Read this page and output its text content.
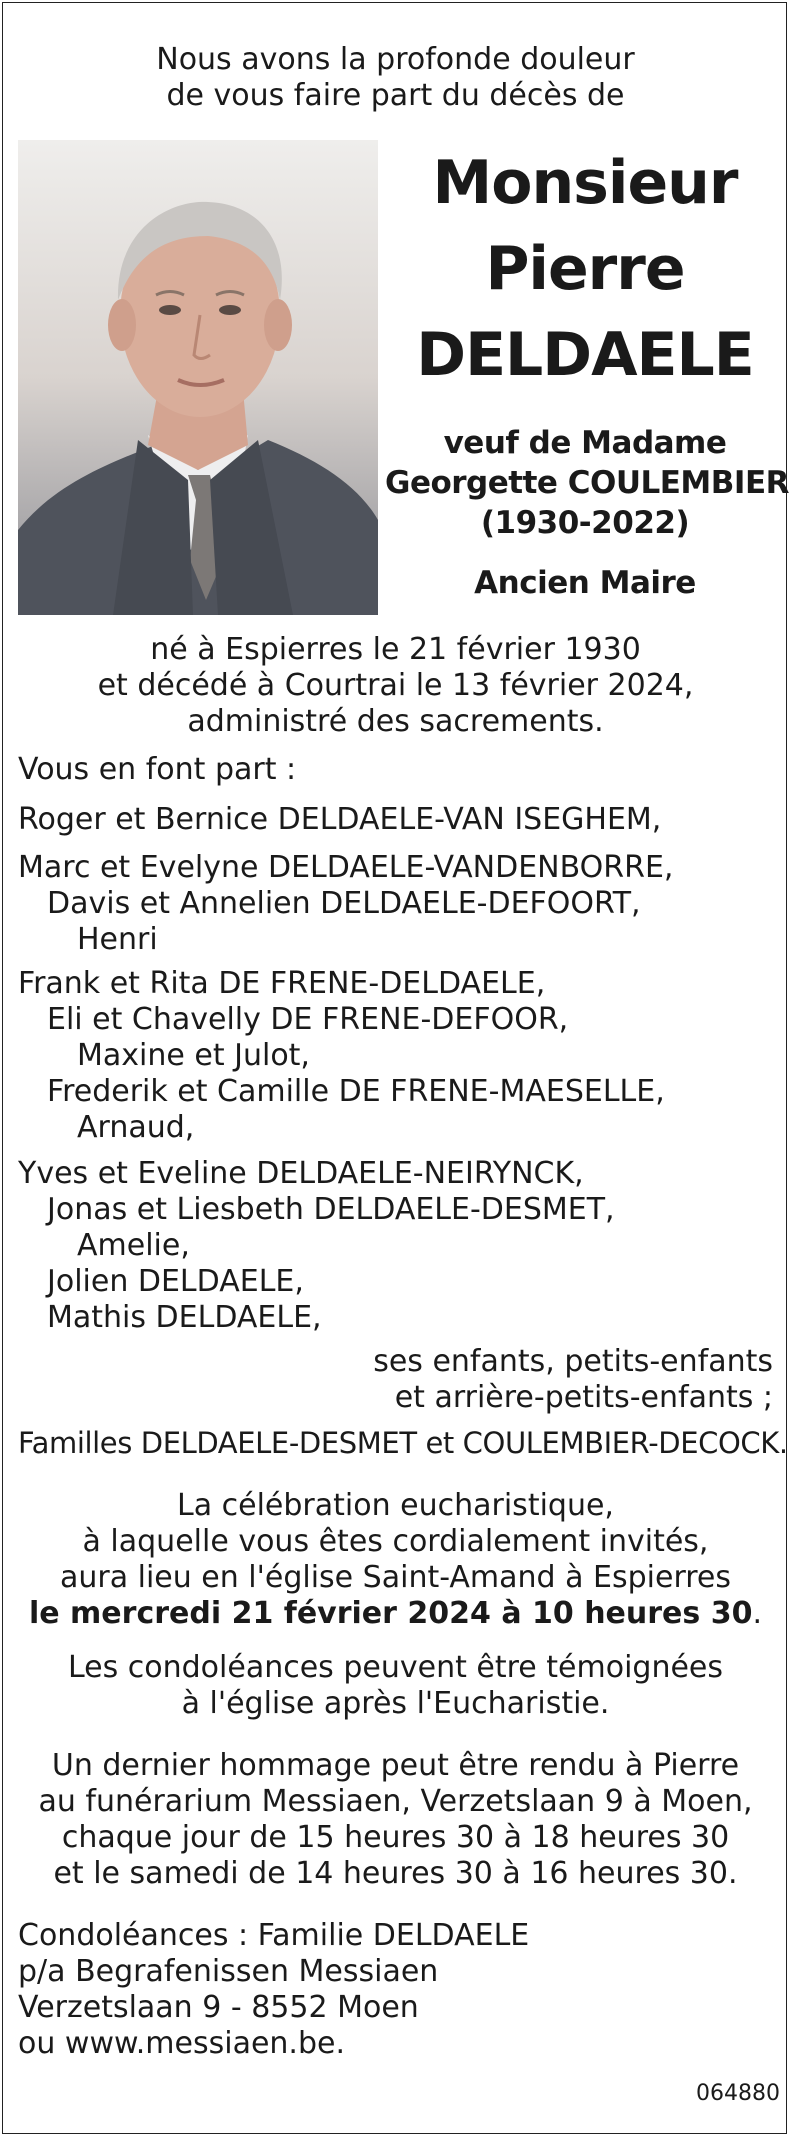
Nous avons la profonde douleur
de vous faire part du décès de
Monsieur
Pierre
DELDAELE
veuf de Madame
Georgette COULEMBIER
(1930-2022)
Ancien Maire
né à Espierres le 21 février 1930
et décédé à Courtrai le 13 février 2024,
administré des sacrements.
Vous en font part :
Roger et Bernice DELDAELE-VAN ISEGHEM,
Marc et Evelyne DELDAELE-VANDENBORRE,
Davis et Annelien DELDAELE-DEFOORT,
Henri
Frank et Rita DE FRENE-DELDAELE,
Eli et Chavelly DE FRENE-DEFOOR,
Maxine et Julot,
Frederik et Camille DE FRENE-MAESELLE,
Arnaud,
Yves et Eveline DELDAELE-NEIRYNCK,
Jonas et Liesbeth DELDAELE-DESMET,
Amelie,
Jolien DELDAELE,
Mathis DELDAELE,
ses enfants, petits-enfants
et arrière-petits-enfants ;
Familles DELDAELE-DESMET et COULEMBIER-DECOCK.
La célébration eucharistique,
à laquelle vous êtes cordialement invités,
aura lieu en l'église Saint-Amand à Espierres
le mercredi 21 février 2024 à 10 heures 30.
Les condoléances peuvent être témoignées
à l'église après l'Eucharistie.
Un dernier hommage peut être rendu à Pierre
au funérarium Messiaen, Verzetslaan 9 à Moen,
chaque jour de 15 heures 30 à 18 heures 30
et le samedi de 14 heures 30 à 16 heures 30.
Condoléances : Familie DELDAELE
p/a Begrafenissen Messiaen
Verzetslaan 9 - 8552 Moen
ou www.messiaen.be.
064880
